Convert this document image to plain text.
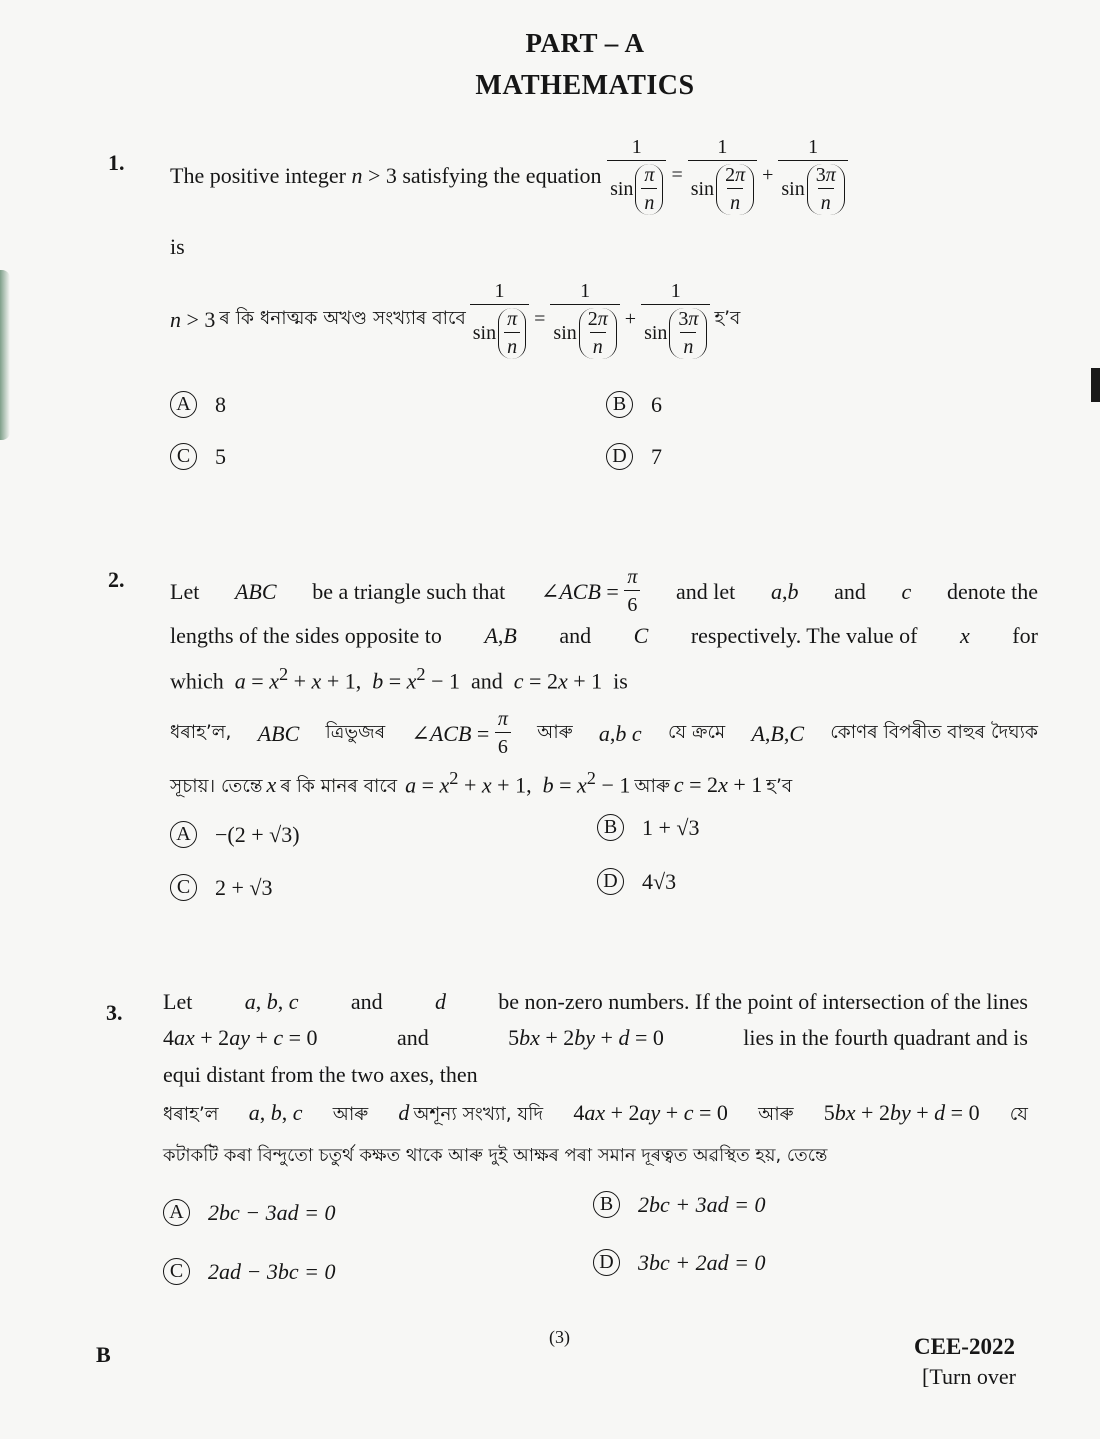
PART – A
MATHEMATICS
1. The positive integer
n > 3 satisfying the equation
$\frac{1}{\sin \frac{\pi}{n}} = \frac{1}{\sin \frac{2\pi}{n}} + \frac{1}{\sin \frac{3\pi}{n}}$
is
n > 3
ৰ কি ধনাত্মক অখণ্ড সংখ্যাৰ বাবে
$\frac{1}{\sin \frac{\pi}{n}} = \frac{1}{\sin \frac{2\pi}{n}} + \frac{1}{\sin \frac{3\pi}{n}}$
হ’ব
A 8	B	6
C	5	D 7
2. Let ABC be a triangle such that ∠ ACB = $\frac{\pi}{6}$ and let a,b and c denote the
lengths of the sides opposite to A,B and C respectively. The value of x for
which $a = x^2 + x + 1$,  $b = x^2 - 1$  and c = 2x + 1  is
ধৰাহ’ল, ABC ত্ৰিভুজৰ ∠ ACB = $\frac{\pi}{6}$ আৰু a,b c যে ক্ৰমে A,B,C কোণৰ বিপৰীত বাহুৰ দৈঘ্যক
সূচায়। তেন্তে
x
ৰ কি মানৰ বাবে
$a = x^2 + x + 1$,  $b = x^2 - 1$
আৰু
c = 2x + 1
হ’ব
A −(2 + √3)	B	1 + √3
C	2 + √3	D 4√3
3. Let a, b, c and d be non-zero numbers. If the point of intersection of the lines
4ax + 2ay + c = 0	and	5bx + 2by + d = 0	lies in the fourth quadrant and is
equi distant from the two axes, then
ধৰাহ’ল a, b, c আৰু d অশূন্য সংখ্যা, যদি 4ax + 2ay + c = 0 আৰু 5bx + 2by + d = 0 যে
কটাকটি কৰা বিন্দুতো চতুৰ্থ কক্ষত থাকে আৰু দুই আক্ষৰ পৰা সমান দূৰত্বত অৱস্থিত হয়, তেন্তে
A 2bc − 3ad = 0	B	2bc + 3ad = 0
C	2ad − 3bc = 0	D 3bc + 2ad = 0
B
(3)	CEE-2022
[Turn over
